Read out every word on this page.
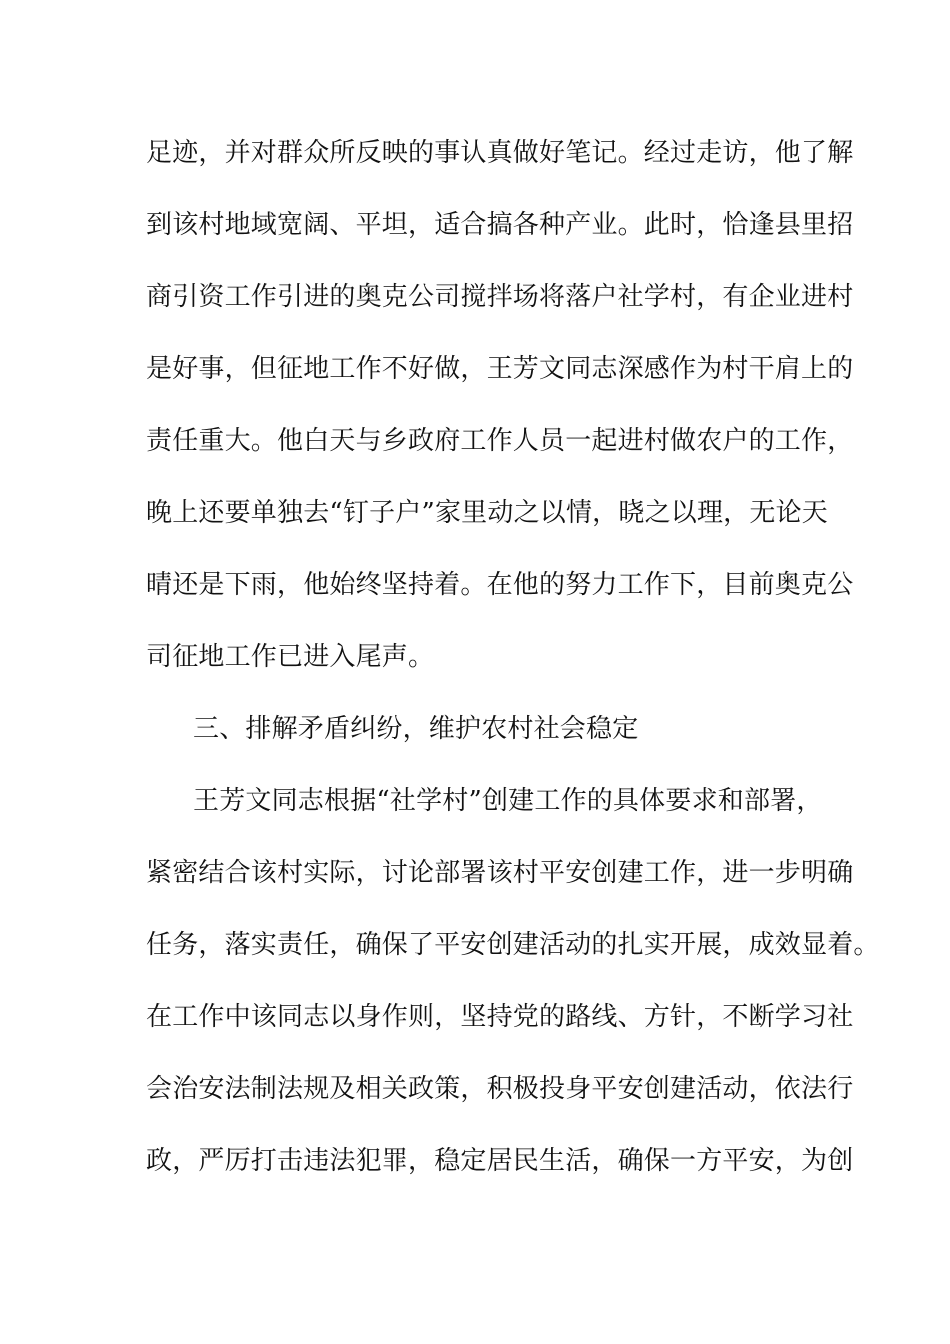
足迹，并对群众所反映的事认真做好笔记。经过走访，他了解
到该村地域宽阔、平坦，适合搞各种产业。此时，恰逢县里招
商引资工作引进的奥克公司搅拌场将落户社学村，有企业进村
是好事，但征地工作不好做，王芳文同志深感作为村干肩上的
责任重大。他白天与乡政府工作人员一起进村做农户的工作，
晚上还要单独去“钉子户”家里动之以情，晓之以理，无论天
晴还是下雨，他始终坚持着。在他的努力工作下，目前奥克公
司征地工作已进入尾声。
三、排解矛盾纠纷，维护农村社会稳定
王芳文同志根据“社学村”创建工作的具体要求和部署，
紧密结合该村实际，讨论部署该村平安创建工作，进一步明确
任务，落实责任，确保了平安创建活动的扎实开展，成效显着。
在工作中该同志以身作则，坚持党的路线、方针，不断学习社
会治安法制法规及相关政策，积极投身平安创建活动，依法行
政，严厉打击违法犯罪，稳定居民生活，确保一方平安，为创
